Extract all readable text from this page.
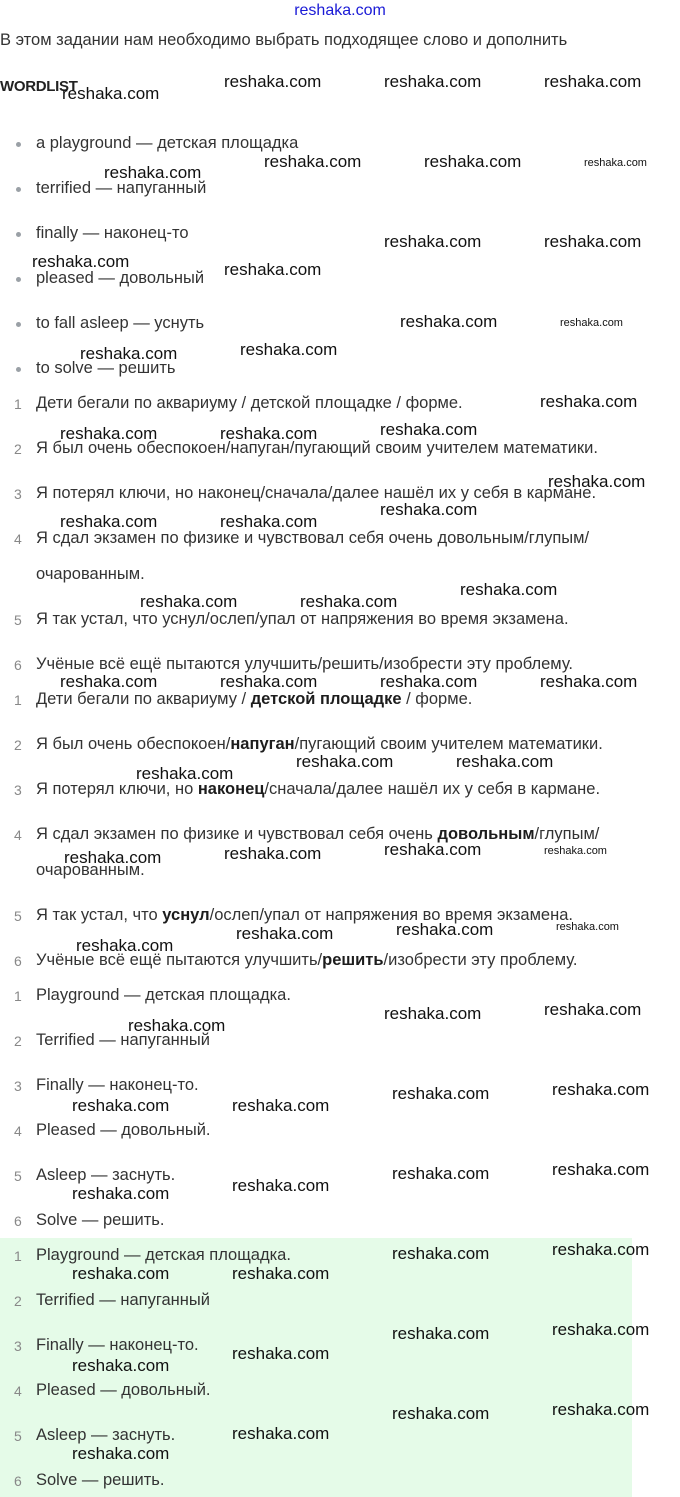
reshaka.com
В этом задании нам необходимо выбрать подходящее слово и дополнить
WORDLIST
a playground — детская площадка
terrified — напуганный
finally — наконец-то
pleased — довольный
to fall asleep — уснуть
to solve — решить
1 Дети бегали по аквариуму / детской площадке / форме.
2 Я был очень обеспокоен/напуган/пугающий своим учителем математики.
3 Я потерял ключи, но наконец/сначала/далее нашёл их у себя в кармане.
4 Я сдал экзамен по физике и чувствовал себя очень довольным/глупым/
очарованным.
5 Я так устал, что уснул/ослеп/упал от напряжения во время экзамена.
6 Учёные всё ещё пытаются улучшить/решить/изобрести эту проблему.
1 Дети бегали по аквариуму / детской площадке / форме.
2 Я был очень обеспокоен/напуган/пугающий своим учителем математики.
3 Я потерял ключи, но наконец/сначала/далее нашёл их у себя в кармане.
4 Я сдал экзамен по физике и чувствовал себя очень довольным/глупым/
очарованным.
5 Я так устал, что уснул/ослеп/упал от напряжения во время экзамена.
6 Учёные всё ещё пытаются улучшить/решить/изобрести эту проблему.
1 Playground — детская площадка.
2 Terrified — напуганный
3 Finally — наконец-то.
4 Pleased — довольный.
5 Asleep — заснуть.
6 Solve — решить.
1 Playground — детская площадка.
2 Terrified — напуганный
3 Finally — наконец-то.
4 Pleased — довольный.
5 Asleep — заснуть.
6 Solve — решить.
reshaka.com
reshaka.com	reshaka.com	reshaka.com
reshaka.com
reshaka.com	reshaka.com	reshaka.com
reshaka.com	reshaka.com
reshaka.com	reshaka.com
reshaka.com	reshaka.com
reshaka.com	reshaka.com
reshaka.com
reshaka.com	reshaka.com	reshaka.com
reshaka.com
reshaka.com
reshaka.com	reshaka.com
reshaka.com
reshaka.com	reshaka.com
reshaka.com	reshaka.com	reshaka.com	reshaka.com
reshaka.com	reshaka.com
reshaka.com
reshaka.com	reshaka.com
reshaka.com
reshaka.com
reshaka.com	reshaka.com
reshaka.com
reshaka.com
reshaka.com
reshaka.com
reshaka.com
reshaka.com
reshaka.com
reshaka.com	reshaka.com
reshaka.com
reshaka.com
reshaka.com
reshaka.com
reshaka.com
reshaka.com
reshaka.com	reshaka.com
reshaka.com
reshaka.com
reshaka.com
reshaka.com
reshaka.com
reshaka.com
reshaka.com
reshaka.com
